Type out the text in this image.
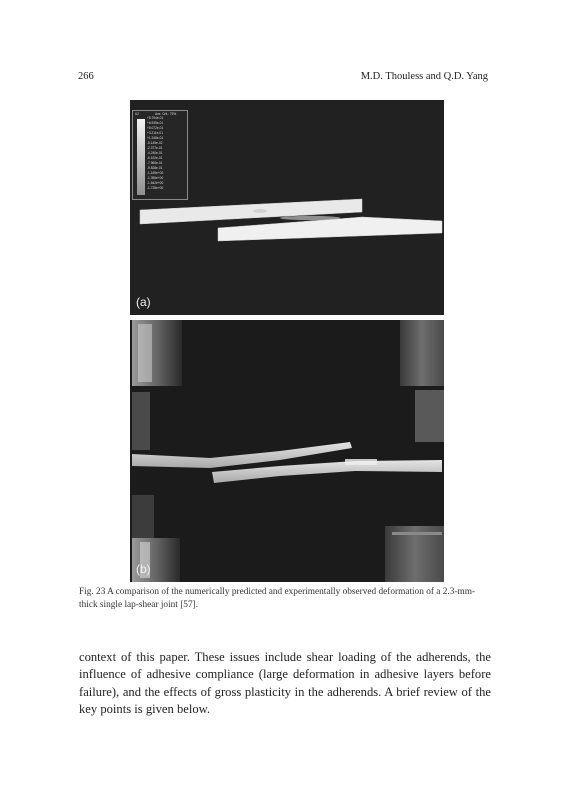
266	M.D. Thouless and Q.D. Yang
U2	Ave. Crit.: 75%
+8.794e-01
+6.935e-01
+5.072e-01
+3.211e-01
+1.348e-01
-5.145e-02
-2.377e-01
-4.240e-01
-6.102e-01
-7.965e-01
-9.828e-01
-1.169e+00
-1.355e+00
-1.542e+00
-1.728e+00
(a)
(b)
Fig. 23 A comparison of the numerically predicted and experimentally observed deformation of a 2.3-mm-thick single lap-shear joint [57].

context of this paper. These issues include shear loading of the adherends, the influence of adhesive compliance (large deformation in adhesive layers before failure), and the effects of gross plasticity in the adherends. A brief review of the key points is given below.
